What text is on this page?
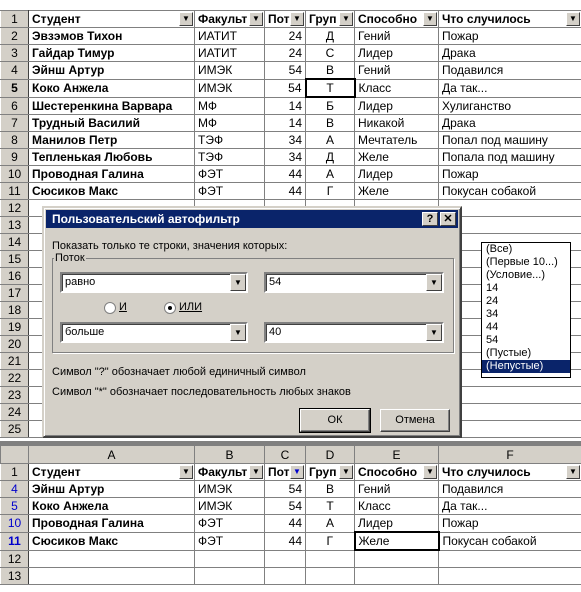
1	Студент ▼	Факульт ▼	Пот ▼	Груп ▼	Способно ▼	Что случилось ▼

2	Эвзэмов Тихон	ИАТИТ	24	Д	Гений	Пожар
3	Гайдар Тимур	ИАТИТ	24	С	Лидер	Драка
4	Эйнш Артур	ИМЭК	54	В	Гений	Подавился
5	Коко Анжела	ИМЭК	54	Т	Класс	Да так...
6	Шестеренкина Варвара	МФ	14	Б	Лидер	Хулиганство
7	Трудный Василий	МФ	14	В	Никакой	Драка
8	Манилов Петр	ТЭФ	34	А	Мечтатель	Попал под машину
9	Тепленькая Любовь	ТЭФ	34	Д	Желе	Попала под машину
10	Проводная Галина	ФЭТ	44	А	Лидер	Пожар
11	Сюсиков Макс	ФЭТ	44	Г	Желе	Покусан собакой
12						
13						
14						
15						
16						
17						
18						
19						
20						
21						
22						
23						
24						
25						
	A	B	C	D	E	F
1	Студент ▼	Факульт ▼	Пот ▼	Груп ▼	Способно ▼	Что случилось ▼

4	Эйнш Артур	ИМЭК	54	В	Гений	Подавился
5	Коко Анжела	ИМЭК	54	Т	Класс	Да так...
10	Проводная Галина	ФЭТ	44	А	Лидер	Пожар
11	Сюсиков Макс	ФЭТ	44	Г	Желе	Покусан собакой
12						
13						
(Все)
(Первые 10...)
(Условие...)
14
24
34
44
54
(Пустые)
(Непустые)
Пользовательский автофильтр	? ✕
Показать только те строки, значения которых:
Поток
равно	▼	54	▼
И	ИЛИ
больше	▼	40	▼
Символ "?" обозначает любой единичный символ
Символ "*" обозначает последовательность любых знаков
ОК	Отмена
